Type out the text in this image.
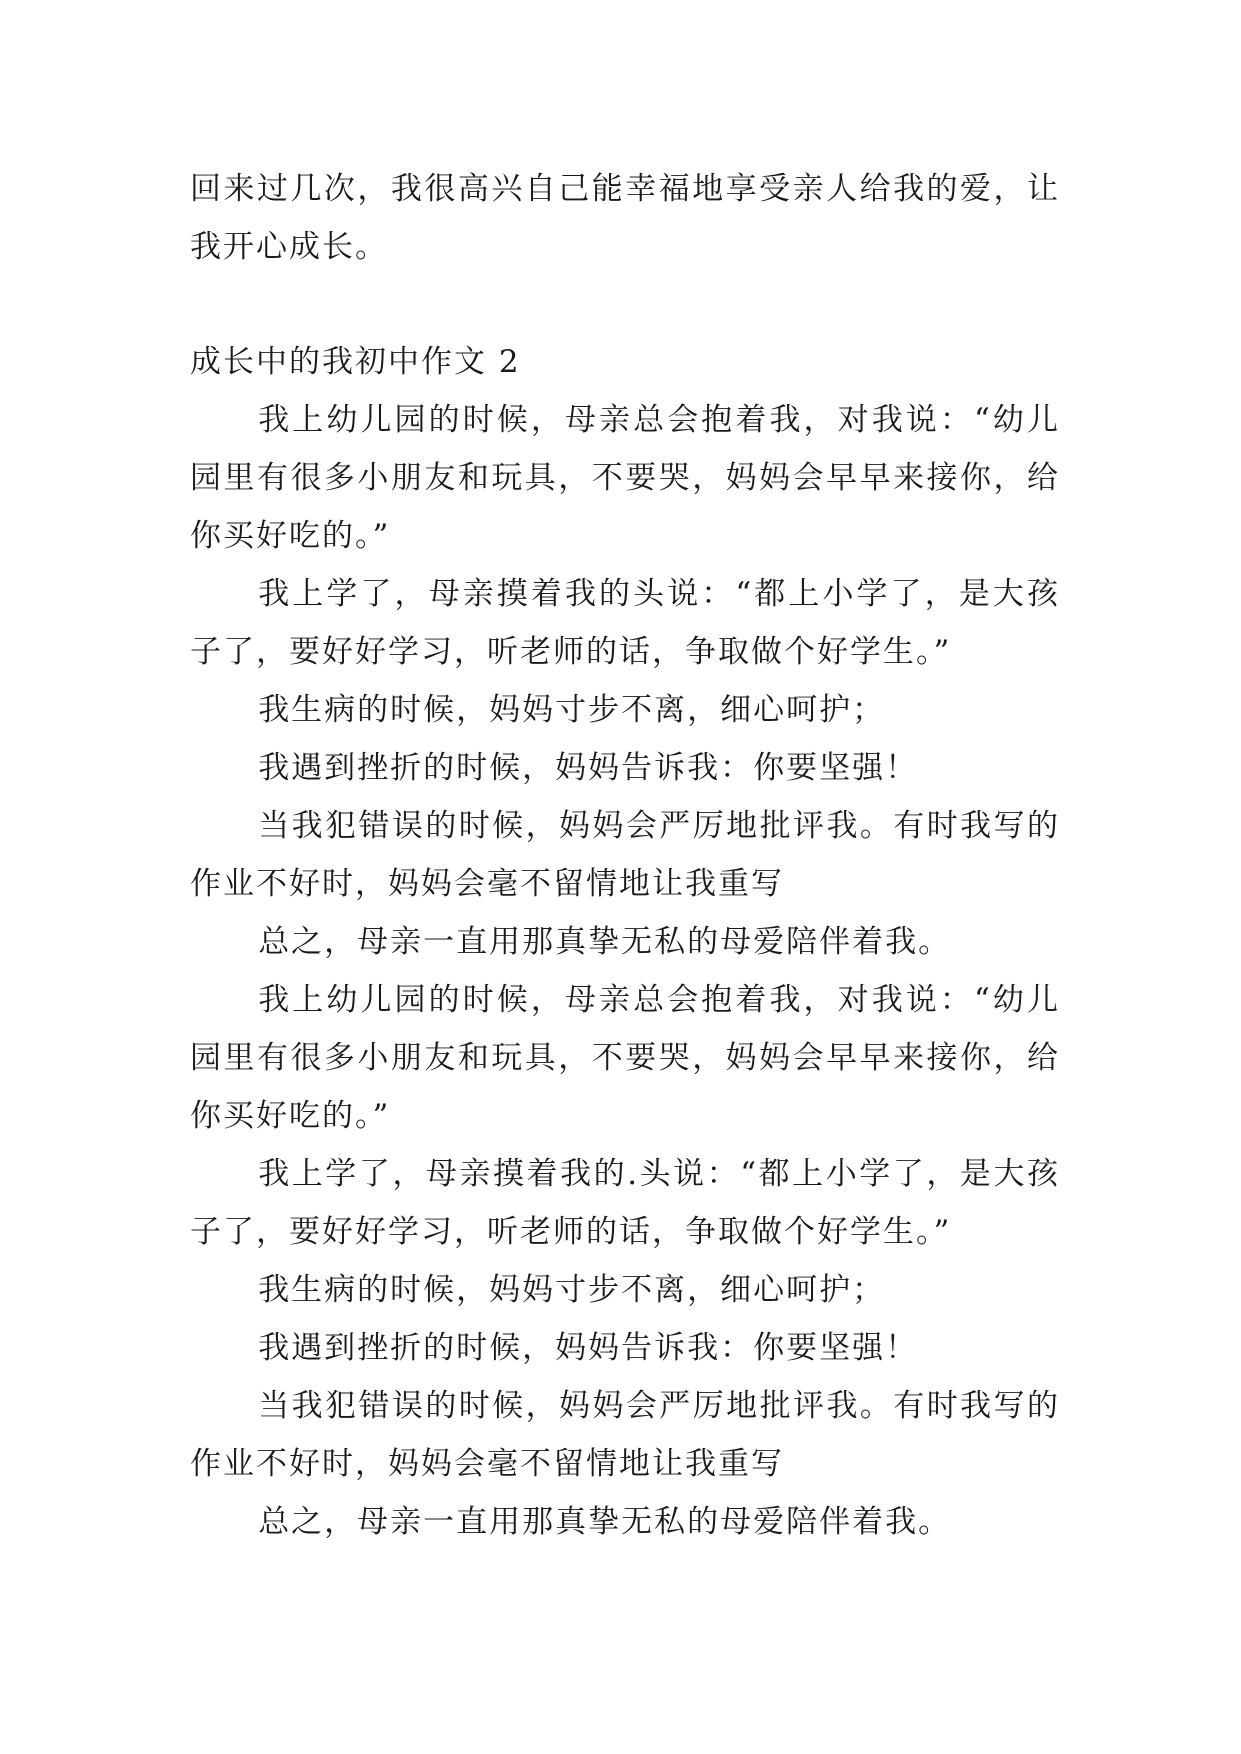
回来过几次，我很高兴自己能幸福地享受亲人给我的爱，让我开心成长。

成长中的我初中作文 2

我上幼儿园的时候，母亲总会抱着我，对我说：“幼儿园里有很多小朋友和玩具，不要哭，妈妈会早早来接你，给你买好吃的。”

我上学了，母亲摸着我的头说：“都上小学了，是大孩子了，要好好学习，听老师的话，争取做个好学生。”

我生病的时候，妈妈寸步不离，细心呵护；

我遇到挫折的时候，妈妈告诉我：你要坚强！

当我犯错误的时候，妈妈会严厉地批评我。有时我写的作业不好时，妈妈会毫不留情地让我重写

总之，母亲一直用那真挚无私的母爱陪伴着我。

我上幼儿园的时候，母亲总会抱着我，对我说：“幼儿园里有很多小朋友和玩具，不要哭，妈妈会早早来接你，给你买好吃的。”

我上学了，母亲摸着我的.头说：“都上小学了，是大孩子了，要好好学习，听老师的话，争取做个好学生。”

我生病的时候，妈妈寸步不离，细心呵护；

我遇到挫折的时候，妈妈告诉我：你要坚强！

当我犯错误的时候，妈妈会严厉地批评我。有时我写的作业不好时，妈妈会毫不留情地让我重写

总之，母亲一直用那真挚无私的母爱陪伴着我。
